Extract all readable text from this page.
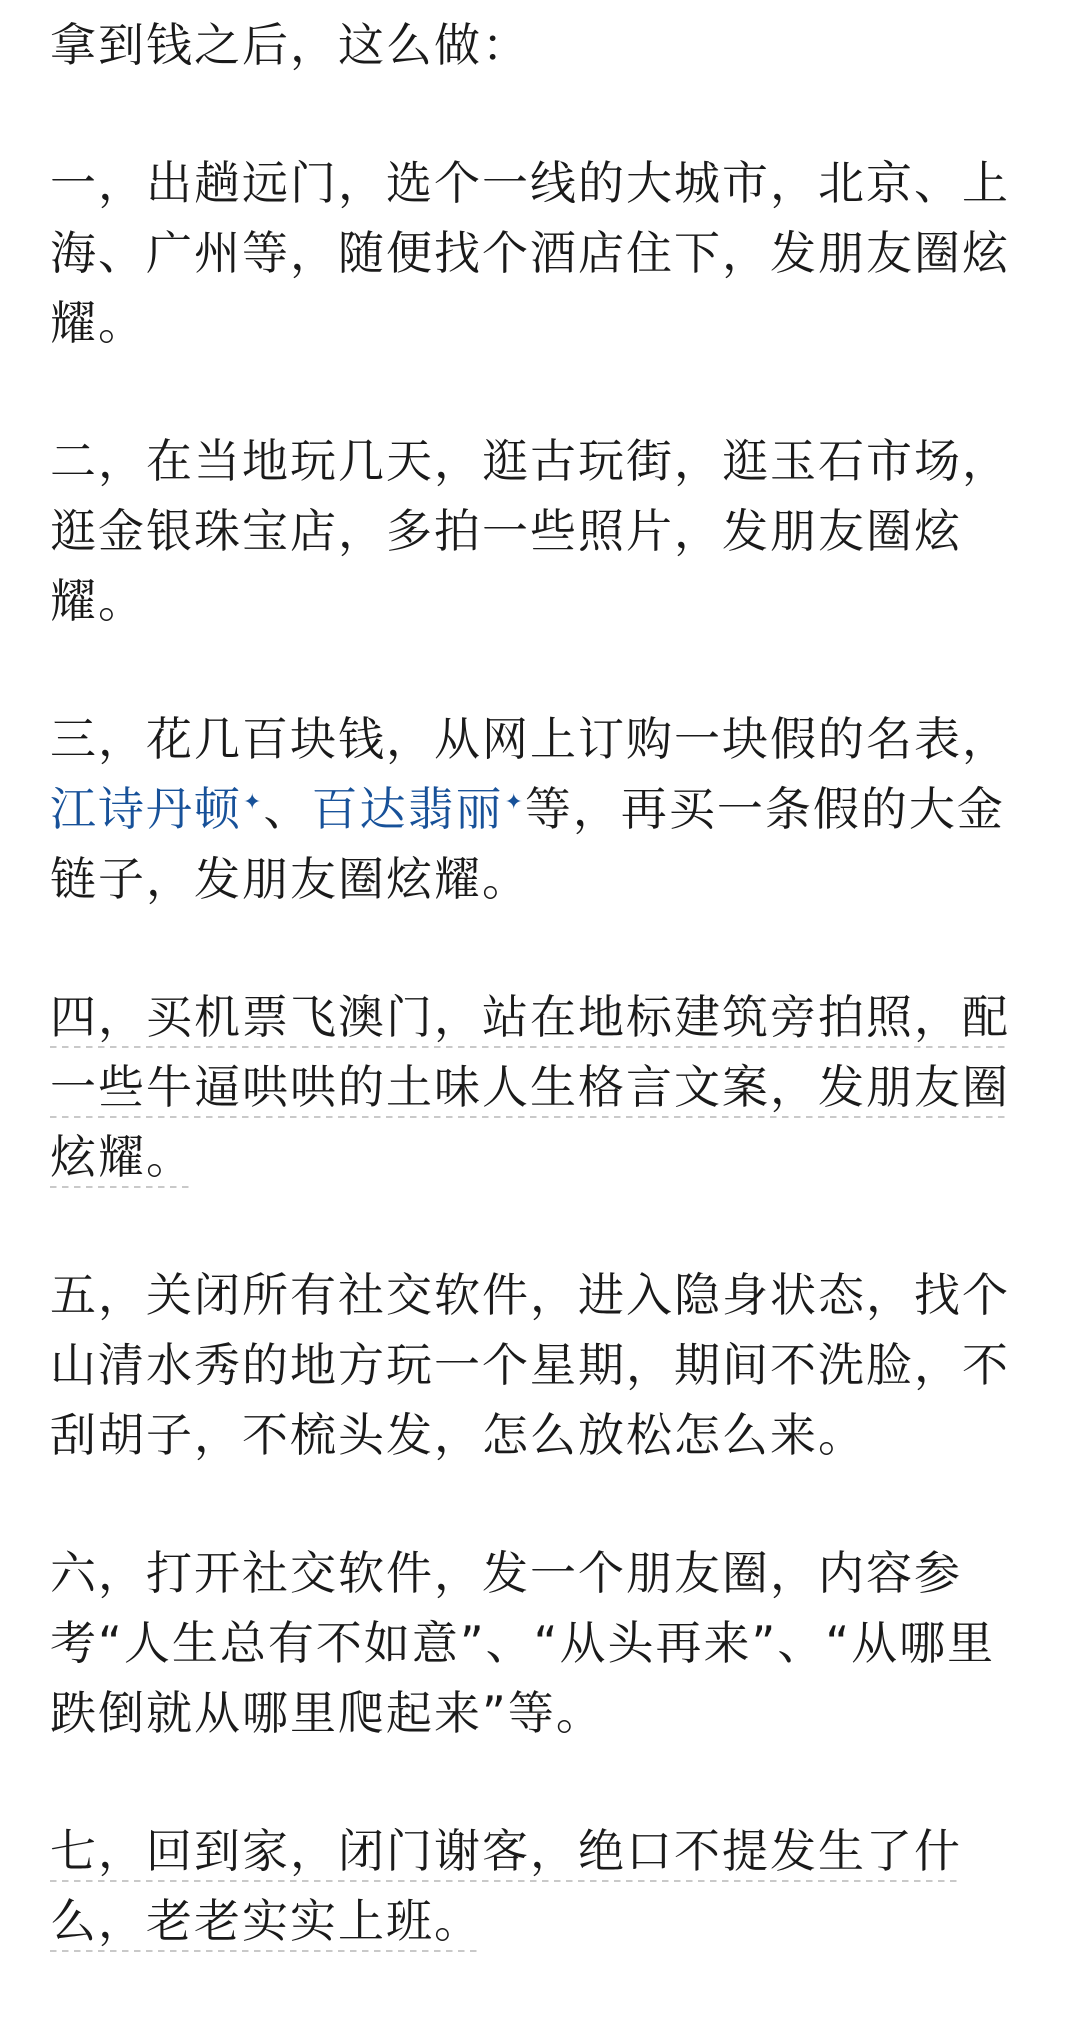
拿到钱之后，这么做：

一，出趟远门，选个一线的大城市，北京、上海、广州等，随便找个酒店住下，发朋友圈炫耀。

二，在当地玩几天，逛古玩街，逛玉石市场，逛金银珠宝店，多拍一些照片，发朋友圈炫耀。

三，花几百块钱，从网上订购一块假的名表，江诗丹顿✦、百达翡丽✦等，再买一条假的大金链子，发朋友圈炫耀。

四，买机票飞澳门，站在地标建筑旁拍照，配一些牛逼哄哄的土味人生格言文案，发朋友圈炫耀。

五，关闭所有社交软件，进入隐身状态，找个山清水秀的地方玩一个星期，期间不洗脸，不刮胡子，不梳头发，怎么放松怎么来。

六，打开社交软件，发一个朋友圈，内容参考“人生总有不如意”、“从头再来”、“从哪里跌倒就从哪里爬起来”等。

七，回到家，闭门谢客，绝口不提发生了什么，老老实实上班。
